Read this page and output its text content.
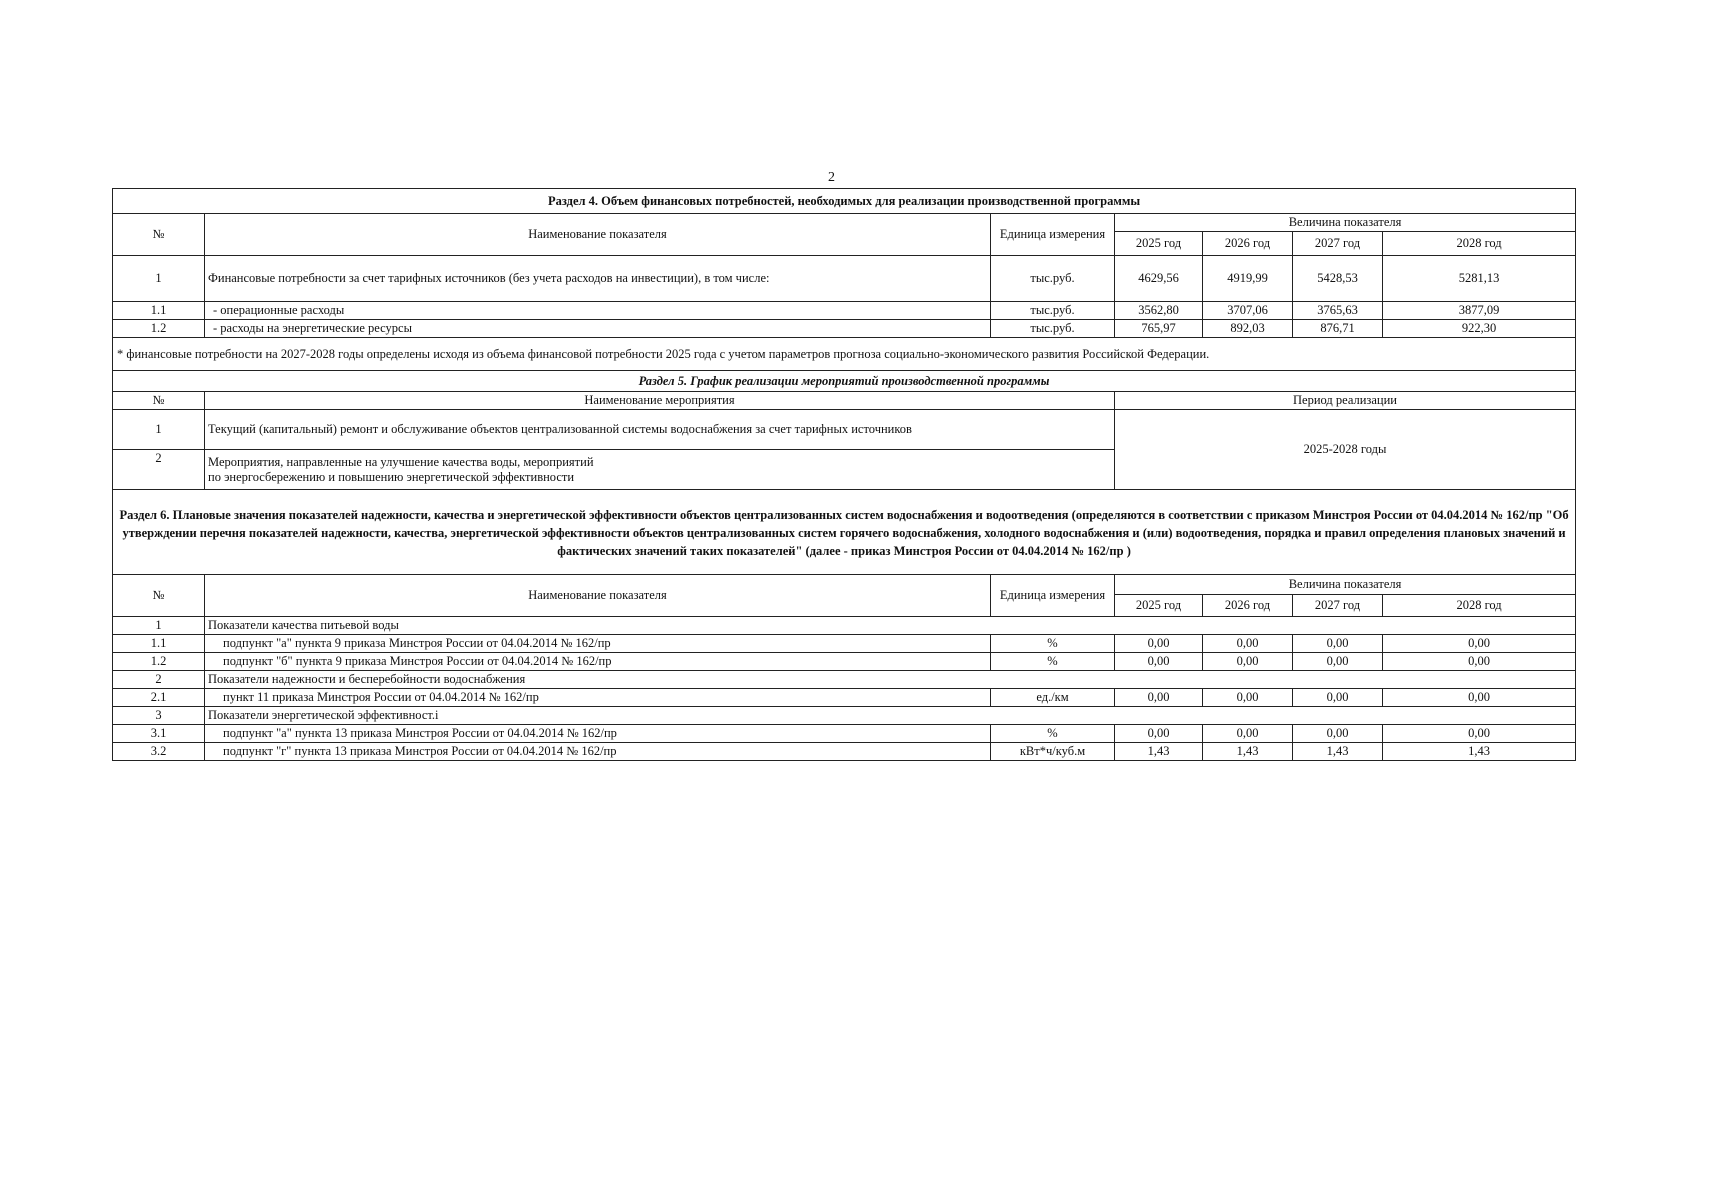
2
Раздел 4. Объем финансовых потребностей, необходимых для реализации производственной программы						
№	Наименование показателя	Единица измерения	Величина показателя			
			2025 год	2026 год	2027 год	2028 год
1	Финансовые потребности за счет тарифных источников (без учета расходов на инвестиции), в том числе:	тыс.руб.	4629,56	4919,99	5428,53	5281,13
1.1	- операционные расходы	тыс.руб.	3562,80	3707,06	3765,63	3877,09
1.2	- расходы на энергетические ресурсы	тыс.руб.	765,97	892,03	876,71	922,30
* финансовые потребности на 2027-2028 годы определены исходя из объема финансовой потребности 2025 года с учетом параметров прогноза социально-экономического развития Российской Федерации.						
Раздел 5. График реализации мероприятий производственной программы		
№	Наименование мероприятия	Период реализации
1	Текущий (капитальный) ремонт и обслуживание объектов централизованной системы водоснабжения за счет тарифных источников	2025-2028 годы
2	Мероприятия, направленные на улучшение качества воды, мероприятий
по энергосбережению и повышению энергетической эффективности	
Раздел 6. Плановые значения показателей надежности, качества и энергетической эффективности объектов централизованных систем водоснабжения и водоотведения (определяются в соответствии с приказом Минстроя России от 04.04.2014 № 162/пр "Об утверждении перечня показателей надежности, качества, энергетической эффективности объектов централизованных систем горячего водоснабжения, холодного водоснабжения и (или) водоотведения, порядка и правил определения плановых значений и фактических значений таких показателей" (далее - приказ Минстроя России от 04.04.2014 № 162/пр )						
№	Наименование показателя	Единица измерения	Величина показателя			
			2025 год	2026 год	2027 год	2028 год
1	Показатели качества питьевой воды					
1.1	подпункт "а" пункта 9 приказа Минстроя России от 04.04.2014 № 162/пр	%	0,00	0,00	0,00	0,00
1.2	подпункт "б" пункта 9 приказа Минстроя России от 04.04.2014 № 162/пр	%	0,00	0,00	0,00	0,00
2	Показатели надежности и бесперебойности водоснабжения					
2.1	пункт 11 приказа Минстроя России от 04.04.2014 № 162/пр	ед./км	0,00	0,00	0,00	0,00
3	Показатели энергетической эффективност.і					
3.1	подпункт "а" пункта 13 приказа Минстроя России от 04.04.2014 № 162/пр	%	0,00	0,00	0,00	0,00
3.2	подпункт "г" пункта 13 приказа Минстроя России от 04.04.2014 № 162/пр	кВт*ч/куб.м	1,43	1,43	1,43	1,43
